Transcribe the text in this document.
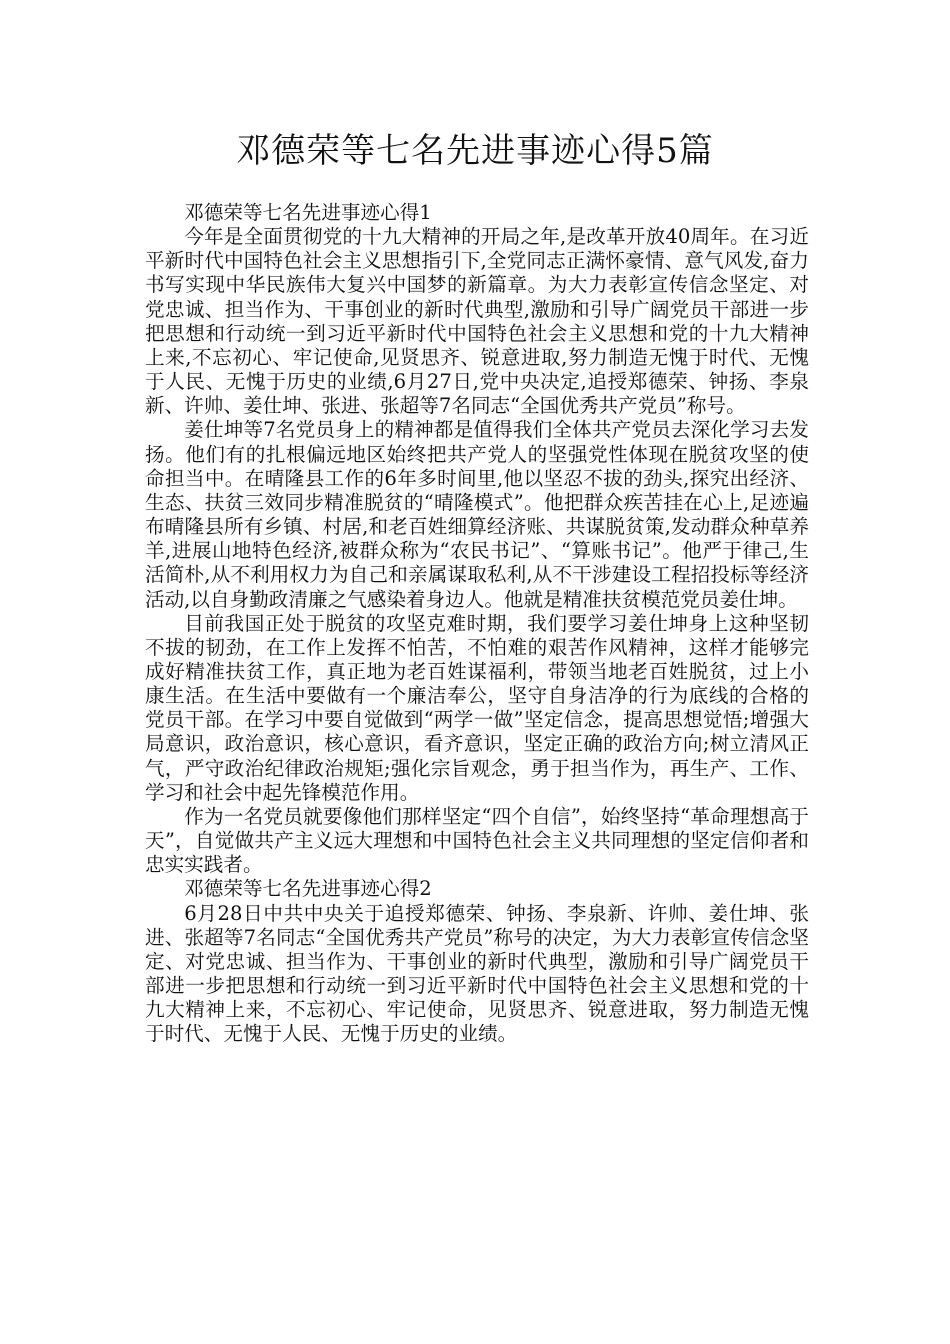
邓德荣等七名先进事迹心得5篇

邓德荣等七名先进事迹心得1

今年是全面贯彻党的十九大精神的开局之年,是改革开放40周年。在习近平新时代中国特色社会主义思想指引下,全党同志正满怀豪情、意气风发,奋力书写实现中华民族伟大复兴中国梦的新篇章。为大力表彰宣传信念坚定、对党忠诚、担当作为、干事创业的新时代典型,激励和引导广阔党员干部进一步把思想和行动统一到习近平新时代中国特色社会主义思想和党的十九大精神上来,不忘初心、牢记使命,见贤思齐、锐意进取,努力制造无愧于时代、无愧于人民、无愧于历史的业绩,6月27日,党中央决定,追授郑德荣、钟扬、李泉新、许帅、姜仕坤、张进、张超等7名同志“全国优秀共产党员”称号。

姜仕坤等7名党员身上的精神都是值得我们全体共产党员去深化学习去发扬。他们有的扎根偏远地区始终把共产党人的坚强党性体现在脱贫攻坚的使命担当中。在晴隆县工作的6年多时间里,他以坚忍不拔的劲头,探究出经济、生态、扶贫三效同步精准脱贫的“晴隆模式”。他把群众疾苦挂在心上,足迹遍布晴隆县所有乡镇、村居,和老百姓细算经济账、共谋脱贫策,发动群众种草养羊,进展山地特色经济,被群众称为“农民书记”、“算账书记”。他严于律己,生活简朴,从不利用权力为自己和亲属谋取私利,从不干涉建设工程招投标等经济活动,以自身勤政清廉之气感染着身边人。他就是精准扶贫模范党员姜仕坤。

目前我国正处于脱贫的攻坚克难时期，我们要学习姜仕坤身上这种坚韧不拔的韧劲，在工作上发挥不怕苦，不怕难的艰苦作风精神，这样才能够完成好精准扶贫工作，真正地为老百姓谋福利，带领当地老百姓脱贫，过上小康生活。在生活中要做有一个廉洁奉公，坚守自身洁净的行为底线的合格的党员干部。在学习中要自觉做到“两学一做”坚定信念，提高思想觉悟;增强大局意识，政治意识，核心意识，看齐意识，坚定正确的政治方向;树立清风正气，严守政治纪律政治规矩;强化宗旨观念，勇于担当作为，再生产、工作、学习和社会中起先锋模范作用。

作为一名党员就要像他们那样坚定“四个自信”，始终坚持“革命理想高于天”，自觉做共产主义远大理想和中国特色社会主义共同理想的坚定信仰者和忠实实践者。

邓德荣等七名先进事迹心得2

6月28日中共中央关于追授郑德荣、钟扬、李泉新、许帅、姜仕坤、张进、张超等7名同志“全国优秀共产党员”称号的决定，为大力表彰宣传信念坚定、对党忠诚、担当作为、干事创业的新时代典型，激励和引导广阔党员干部进一步把思想和行动统一到习近平新时代中国特色社会主义思想和党的十九大精神上来，不忘初心、牢记使命，见贤思齐、锐意进取，努力制造无愧于时代、无愧于人民、无愧于历史的业绩。
